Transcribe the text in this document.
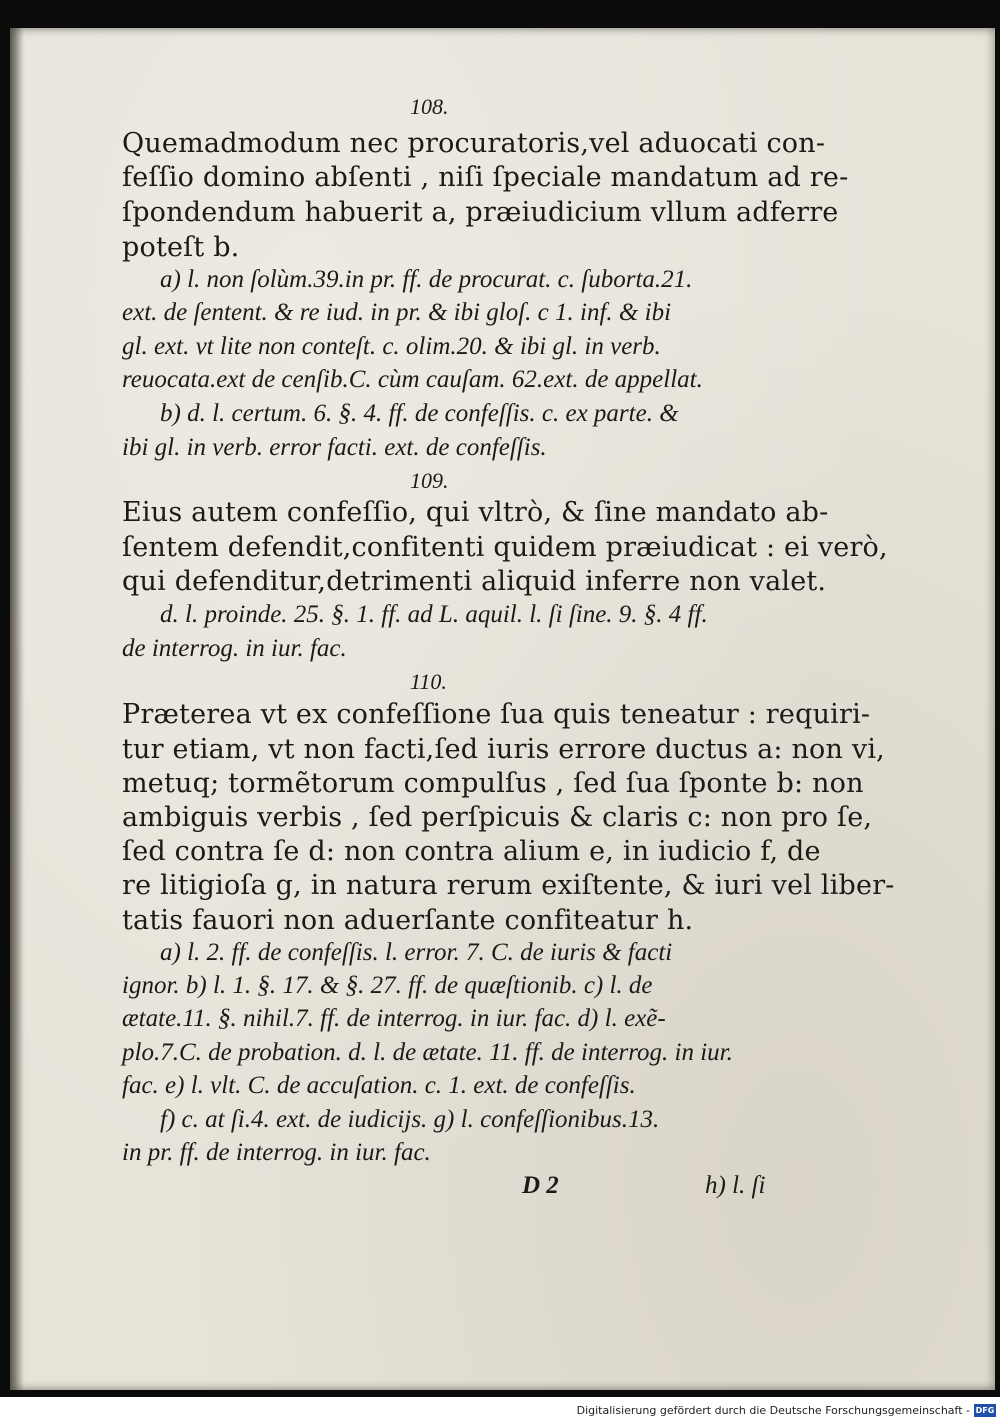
108.
Quemadmodum nec procuratoris,vel aduocati con-
feſſio domino abſenti , niſi ſpeciale mandatum ad re-
ſpondendum habuerit a, præiudicium vllum adferre
poteſt b.
a) l. non ſolùm.39.in pr. ff. de procurat. c. ſuborta.21.
ext. de ſentent. & re iud. in pr. & ibi gloſ. c 1. inf. & ibi
gl. ext. vt lite non conteſt. c. olim.20. & ibi gl. in verb.
reuocata.ext de cenſib.C. cùm cauſam. 62.ext. de appellat.
b) d. l. certum. 6. §. 4. ff. de confeſſis. c. ex parte. &
ibi gl. in verb. error facti. ext. de confeſſis.
109.
Eius autem confeſſio, qui vltrò, & ſine mandato ab-
ſentem defendit,confitenti quidem præiudicat : ei verò,
qui defenditur,detrimenti aliquid inferre non valet.
d. l. proinde. 25. §. 1. ff. ad L. aquil. l. ſi ſine. 9. §. 4 ff.
de interrog. in iur. fac.
110.
Præterea vt ex confeſſione ſua quis teneatur : requiri-
tur etiam, vt non facti,ſed iuris errore ductus a: non vi,
metuq; tormẽtorum compulſus , ſed ſua ſponte b: non
ambiguis verbis , ſed perſpicuis & claris c: non pro ſe,
ſed contra ſe d: non contra alium e, in iudicio f, de
re litigioſa g, in natura rerum exiſtente, & iuri vel liber-
tatis fauori non aduerſante confiteatur h.
a) l. 2. ff. de confeſſis. l. error. 7. C. de iuris & facti
ignor. b) l. 1. §. 17. & §. 27. ff. de quæſtionib. c) l. de
ætate.11. §. nihil.7. ff. de interrog. in iur. fac. d) l. exẽ-
plo.7.C. de probation. d. l. de ætate. 11. ff. de interrog. in iur.
fac. e) l. vlt. C. de accuſation. c. 1. ext. de confeſſis.
f) c. at ſi.4. ext. de iudicijs. g) l. confeſſionibus.13.
in pr. ff. de interrog. in iur. fac.
D 2	h) l. ſi
Digitalisierung gefördert durch die Deutsche Forschungsgemeinschaft - DFG
